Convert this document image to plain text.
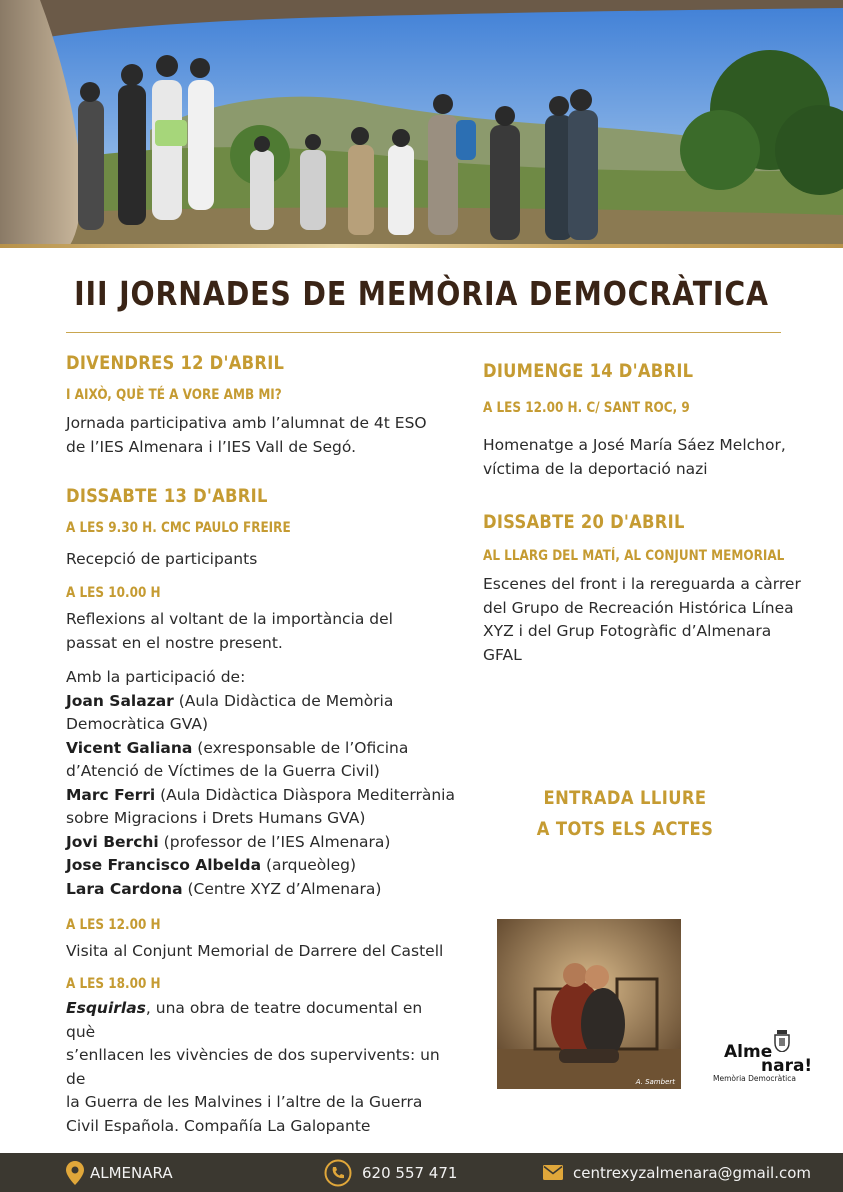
III JORNADES DE MEMÒRIA DEMOCRÀTICA
DIVENDRES 12 D'ABRIL
I AIXÒ, QUÈ TÉ A VORE AMB MI?
Jornada participativa amb l’alumnat de 4t ESO
de l’IES Almenara i l’IES Vall de Segó.
DISSABTE 13 D'ABRIL
A LES 9.30 H. CMC PAULO FREIRE
Recepció de participants
A LES 10.00 H
Reflexions al voltant de la importància del
passat en el nostre present.
Amb la participació de:
Joan Salazar (Aula Didàctica de Memòria
Democràtica GVA)
Vicent Galiana (exresponsable de l’Oficina
d’Atenció de Víctimes de la Guerra Civil)
Marc Ferri (Aula Didàctica Diàspora Mediterrània
sobre Migracions i Drets Humans GVA)
Jovi Berchi (professor de l’IES Almenara)
Jose Francisco Albelda (arqueòleg)
Lara Cardona (Centre XYZ d’Almenara)
A LES 12.00 H
Visita al Conjunt Memorial de Darrere del Castell
A LES 18.00 H
Esquirlas, una obra de teatre documental en què
s’enllacen les vivències de dos supervivents: un de
la Guerra de les Malvines i l’altre de la Guerra
Civil Española. Compañía La Galopante
DIUMENGE 14 D'ABRIL
A LES 12.00 H. C/ SANT ROC, 9
Homenatge a José María Sáez Melchor,
víctima de la deportació nazi
DISSABTE 20 D'ABRIL
AL LLARG DEL MATÍ, AL CONJUNT MEMORIAL
Escenes del front i la rereguarda a càrrer
del Grupo de Recreación Histórica Línea
XYZ i del Grup Fotogràfic d’Almenara
GFAL
ENTRADA LLIURE
A TOTS ELS ACTES
A. Sambert
Alme
nara!
Memòria Democràtica
ALMENARA	620 557 471	centrexyzalmenara@gmail.com
